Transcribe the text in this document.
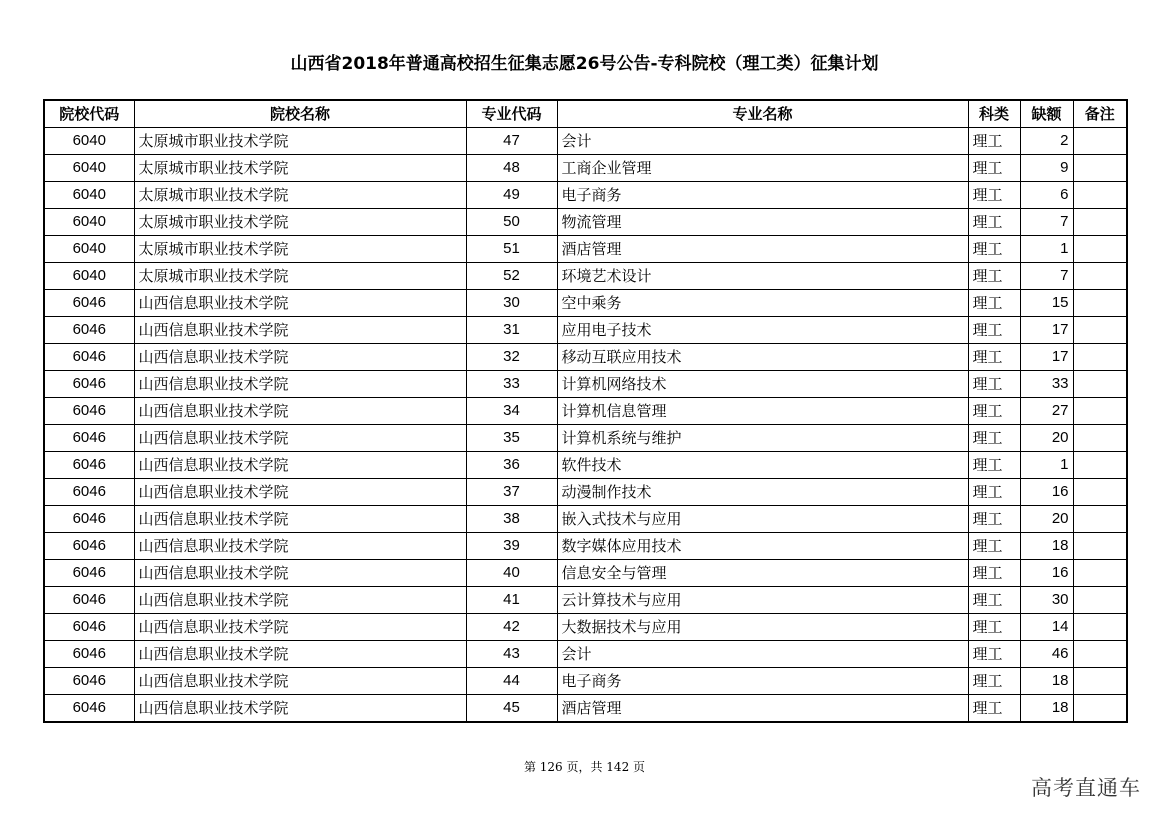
山西省2018年普通高校招生征集志愿26号公告-专科院校（理工类）征集计划
院校代码	院校名称	专业代码	专业名称	科类	缺额	备注
6040	太原城市职业技术学院	47	会计	理工	2	
6040	太原城市职业技术学院	48	工商企业管理	理工	9	
6040	太原城市职业技术学院	49	电子商务	理工	6	
6040	太原城市职业技术学院	50	物流管理	理工	7	
6040	太原城市职业技术学院	51	酒店管理	理工	1	
6040	太原城市职业技术学院	52	环境艺术设计	理工	7	
6046	山西信息职业技术学院	30	空中乘务	理工	15	
6046	山西信息职业技术学院	31	应用电子技术	理工	17	
6046	山西信息职业技术学院	32	移动互联应用技术	理工	17	
6046	山西信息职业技术学院	33	计算机网络技术	理工	33	
6046	山西信息职业技术学院	34	计算机信息管理	理工	27	
6046	山西信息职业技术学院	35	计算机系统与维护	理工	20	
6046	山西信息职业技术学院	36	软件技术	理工	1	
6046	山西信息职业技术学院	37	动漫制作技术	理工	16	
6046	山西信息职业技术学院	38	嵌入式技术与应用	理工	20	
6046	山西信息职业技术学院	39	数字媒体应用技术	理工	18	
6046	山西信息职业技术学院	40	信息安全与管理	理工	16	
6046	山西信息职业技术学院	41	云计算技术与应用	理工	30	
6046	山西信息职业技术学院	42	大数据技术与应用	理工	14	
6046	山西信息职业技术学院	43	会计	理工	46	
6046	山西信息职业技术学院	44	电子商务	理工	18	
6046	山西信息职业技术学院	45	酒店管理	理工	18	
第 126 页，共 142 页
高考直通车
